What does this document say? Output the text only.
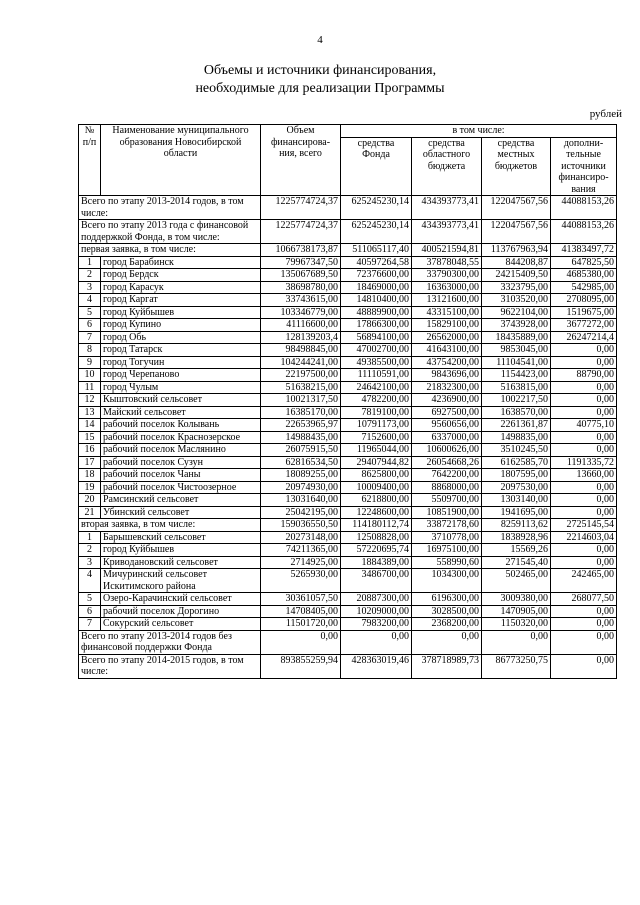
4
Объемы и источники финансирования,
необходимые для реализации Программы
рублей
№ п/п	Наименование муниципального образования Новосибирской области	Объем финансирова-ния, всего	в том числе:			
			средства Фонда	средства областного бюджета	средства местных бюджетов	дополни-тельные источники финансиро-вания
Всего по этапу 2013-2014 годов, в том числе:		1225774724,37	625245230,14	434393773,41	122047567,56	44088153,26
Всего по этапу 2013 года с финансовой поддержкой Фонда, в том числе:		1225774724,37	625245230,14	434393773,41	122047567,56	44088153,26
первая заявка, в том числе:		1066738173,87	511065117,40	400521594,81	113767963,94	41383497,72
1	город Барабинск	79967347,50	40597264,58	37878048,55	844208,87	647825,50
2	город Бердск	135067689,50	72376600,00	33790300,00	24215409,50	4685380,00
3	город Карасук	38698780,00	18469000,00	16363000,00	3323795,00	542985,00
4	город Каргат	33743615,00	14810400,00	13121600,00	3103520,00	2708095,00
5	город Куйбышев	103346779,00	48889900,00	43315100,00	9622104,00	1519675,00
6	город Купино	41116600,00	17866300,00	15829100,00	3743928,00	3677272,00
7	город Обь	128139203,4	56894100,00	26562000,00	18435889,00	26247214,4
8	город Татарск	98498845,00	47002700,00	41643100,00	9853045,00	0,00
9	город Тогучин	104244241,00	49385500,00	43754200,00	11104541,00	0,00
10	город Черепаново	22197500,00	11110591,00	9843696,00	1154423,00	88790,00
11	город Чулым	51638215,00	24642100,00	21832300,00	5163815,00	0,00
12	Кыштовский сельсовет	10021317,50	4782200,00	4236900,00	1002217,50	0,00
13	Майский сельсовет	16385170,00	7819100,00	6927500,00	1638570,00	0,00
14	рабочий поселок Колывань	22653965,97	10791173,00	9560656,00	2261361,87	40775,10
15	рабочий поселок Краснозерское	14988435,00	7152600,00	6337000,00	1498835,00	0,00
16	рабочий поселок Маслянино	26075915,50	11965044,00	10600626,00	3510245,50	0,00
17	рабочий поселок Сузун	62816534,50	29407944,82	26054668,26	6162585,70	1191335,72
18	рабочий поселок Чаны	18089255,00	8625800,00	7642200,00	1807595,00	13660,00
19	рабочий поселок Чистоозерное	20974930,00	10009400,00	8868000,00	2097530,00	0,00
20	Рамсинский сельсовет	13031640,00	6218800,00	5509700,00	1303140,00	0,00
21	Убинский сельсовет	25042195,00	12248600,00	10851900,00	1941695,00	0,00
вторая заявка, в том числе:		159036550,50	114180112,74	33872178,60	8259113,62	2725145,54
1	Барышевский сельсовет	20273148,00	12508828,00	3710778,00	1838928,96	2214603,04
2	город Куйбышев	74211365,00	57220695,74	16975100,00	15569,26	0,00
3	Криводановский сельсовет	2714925,00	1884389,00	558990,60	271545,40	0,00
4	Мичуринский сельсовет Искитимского района	5265930,00	3486700,00	1034300,00	502465,00	242465,00
5	Озеро-Карачинский сельсовет	30361057,50	20887300,00	6196300,00	3009380,00	268077,50
6	рабочий поселок Дорогино	14708405,00	10209000,00	3028500,00	1470905,00	0,00
7	Сокурский сельсовет	11501720,00	7983200,00	2368200,00	1150320,00	0,00
Всего по этапу 2013-2014 годов без финансовой поддержки Фонда		0,00	0,00	0,00	0,00	0,00
Всего по этапу 2014-2015 годов, в том числе:		893855259,94	428363019,46	378718989,73	86773250,75	0,00
